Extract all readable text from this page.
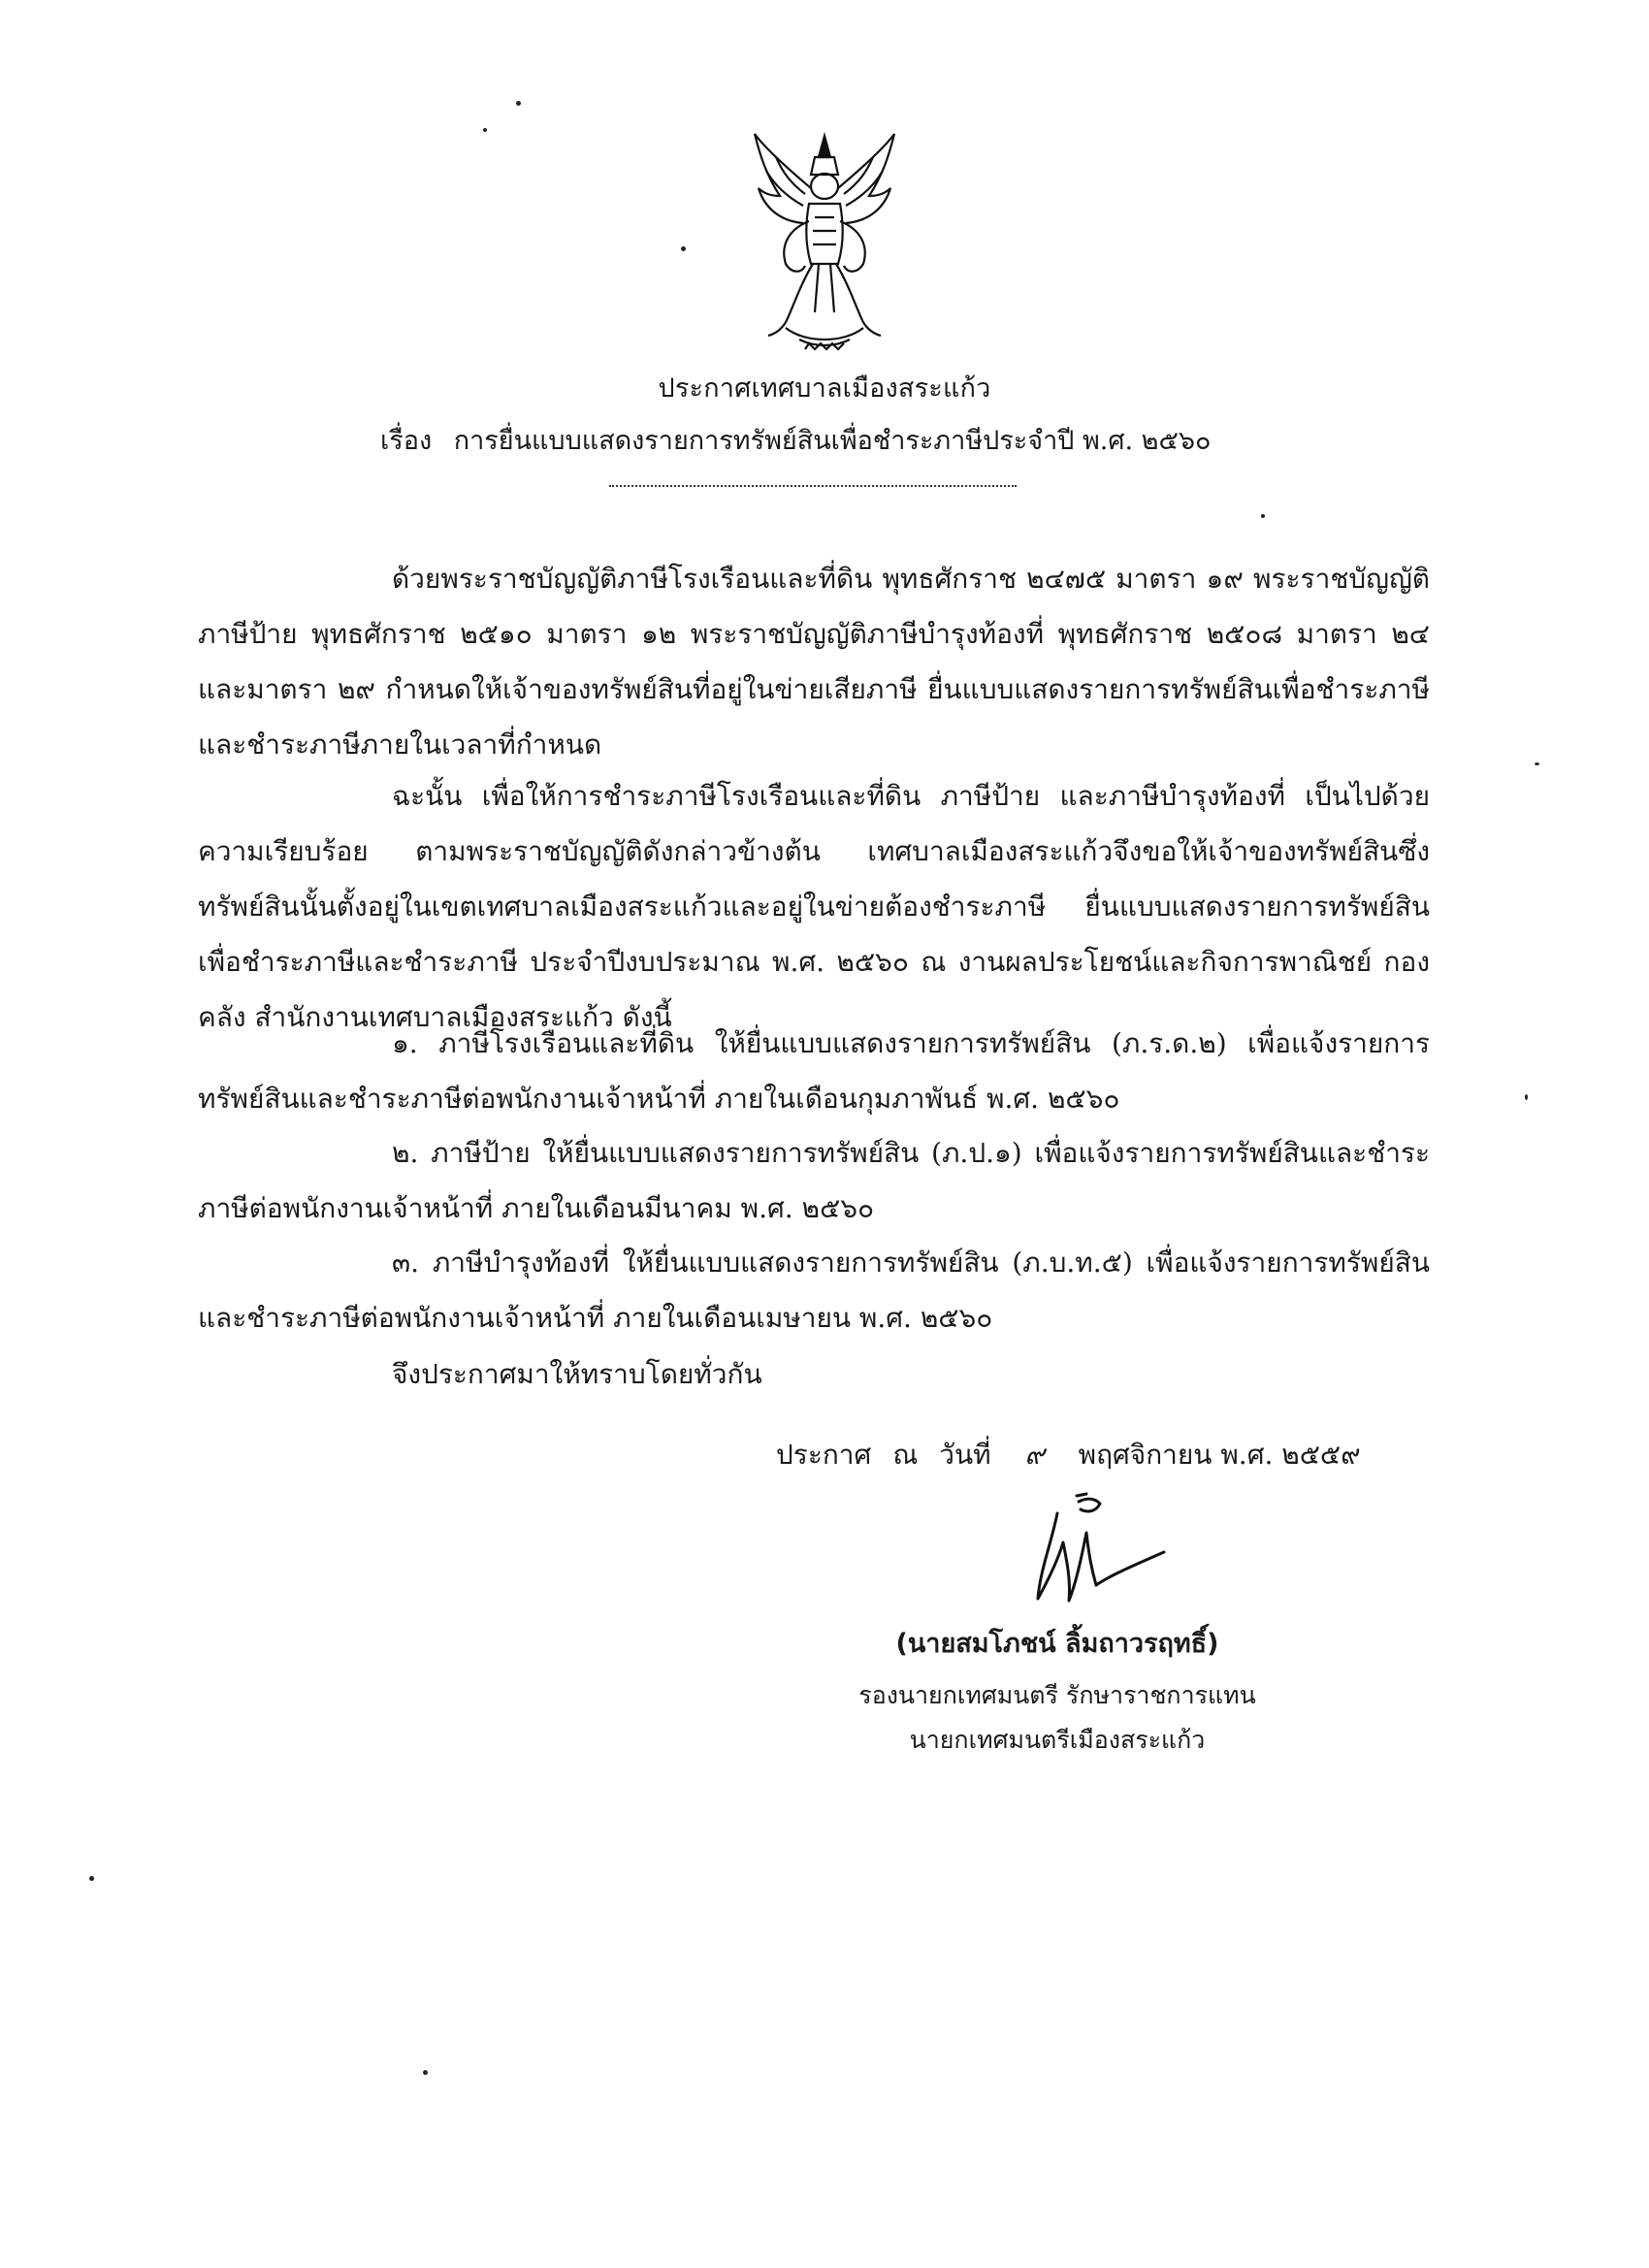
ประกาศเทศบาลเมืองสระแก้ว
เรื่อง การยื่นแบบแสดงรายการทรัพย์สินเพื่อชำระภาษีประจำปี พ.ศ. ๒๕๖๐
ด้วยพระราชบัญญัติภาษีโรงเรือนและที่ดิน พุทธศักราช ๒๔๗๕ มาตรา ๑๙ พระราชบัญญัติภาษีป้าย พุทธศักราช ๒๕๑๐ มาตรา ๑๒ พระราชบัญญัติภาษีบำรุงท้องที่ พุทธศักราช ๒๕๐๘ มาตรา ๒๔ และมาตรา ๒๙ กำหนดให้เจ้าของทรัพย์สินที่อยู่ในข่ายเสียภาษี ยื่นแบบแสดงรายการทรัพย์สินเพื่อชำระภาษีและชำระภาษีภายในเวลาที่กำหนด
ฉะนั้น เพื่อให้การชำระภาษีโรงเรือนและที่ดิน ภาษีป้าย และภาษีบำรุงท้องที่ เป็นไปด้วยความเรียบร้อย ตามพระราชบัญญัติดังกล่าวข้างต้น เทศบาลเมืองสระแก้วจึงขอให้เจ้าของทรัพย์สินซึ่งทรัพย์สินนั้นตั้งอยู่ในเขตเทศบาลเมืองสระแก้วและอยู่ในข่ายต้องชำระภาษี ยื่นแบบแสดงรายการทรัพย์สินเพื่อชำระภาษีและชำระภาษี ประจำปีงบประมาณ พ.ศ. ๒๕๖๐ ณ งานผลประโยชน์และกิจการพาณิชย์ กองคลัง สำนักงานเทศบาลเมืองสระแก้ว ดังนี้
๑. ภาษีโรงเรือนและที่ดิน ให้ยื่นแบบแสดงรายการทรัพย์สิน (ภ.ร.ด.๒) เพื่อแจ้งรายการทรัพย์สินและชำระภาษีต่อพนักงานเจ้าหน้าที่ ภายในเดือนกุมภาพันธ์ พ.ศ. ๒๕๖๐
๒. ภาษีป้าย ให้ยื่นแบบแสดงรายการทรัพย์สิน (ภ.ป.๑) เพื่อแจ้งรายการทรัพย์สินและชำระภาษีต่อพนักงานเจ้าหน้าที่ ภายในเดือนมีนาคม พ.ศ. ๒๕๖๐
๓. ภาษีบำรุงท้องที่ ให้ยื่นแบบแสดงรายการทรัพย์สิน (ภ.บ.ท.๕) เพื่อแจ้งรายการทรัพย์สินและชำระภาษีต่อพนักงานเจ้าหน้าที่ ภายในเดือนเมษายน พ.ศ. ๒๕๖๐
จึงประกาศมาให้ทราบโดยทั่วกัน
ประกาศ ณ วันที่ ๙ พฤศจิกายน พ.ศ. ๒๕๕๙
(นายสมโภชน์ ลิ้มถาวรฤทธิ์)
รองนายกเทศมนตรี รักษาราชการแทน
นายกเทศมนตรีเมืองสระแก้ว
